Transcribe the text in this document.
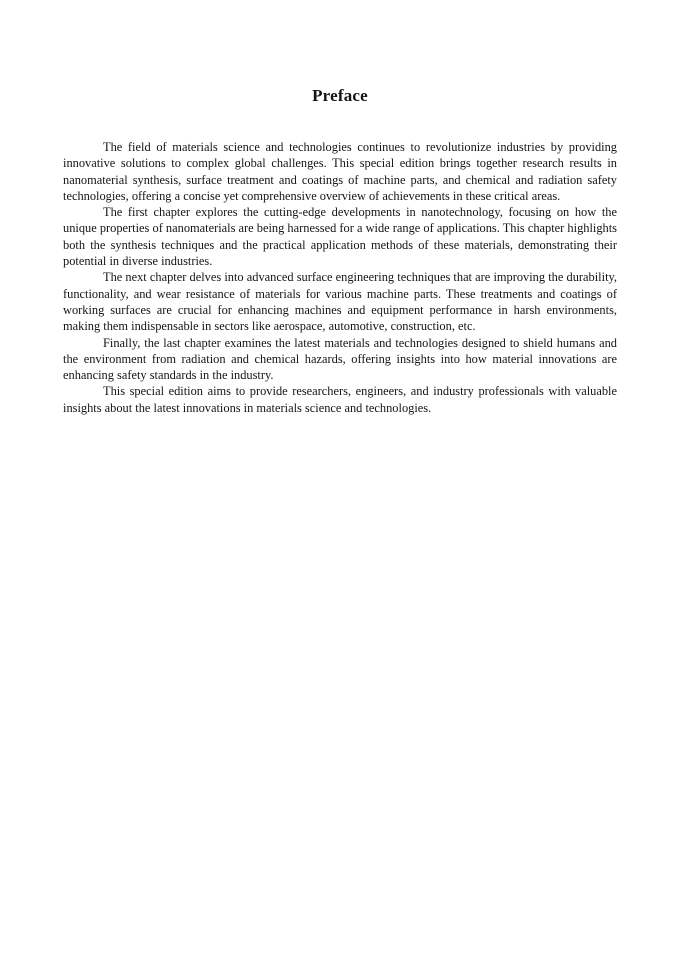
Preface

The field of materials science and technologies continues to revolutionize industries by providing innovative solutions to complex global challenges. This special edition brings together research results in nanomaterial synthesis, surface treatment and coatings of machine parts, and chemical and radiation safety technologies, offering a concise yet comprehensive overview of achievements in these critical areas.

The first chapter explores the cutting-edge developments in nanotechnology, focusing on how the unique properties of nanomaterials are being harnessed for a wide range of applications. This chapter highlights both the synthesis techniques and the practical application methods of these materials, demonstrating their potential in diverse industries.

The next chapter delves into advanced surface engineering techniques that are improving the durability, functionality, and wear resistance of materials for various machine parts. These treatments and coatings of working surfaces are crucial for enhancing machines and equipment performance in harsh environments, making them indispensable in sectors like aerospace, automotive, construction, etc.

Finally, the last chapter examines the latest materials and technologies designed to shield humans and the environment from radiation and chemical hazards, offering insights into how material innovations are enhancing safety standards in the industry.

This special edition aims to provide researchers, engineers, and industry professionals with valuable insights about the latest innovations in materials science and technologies.
